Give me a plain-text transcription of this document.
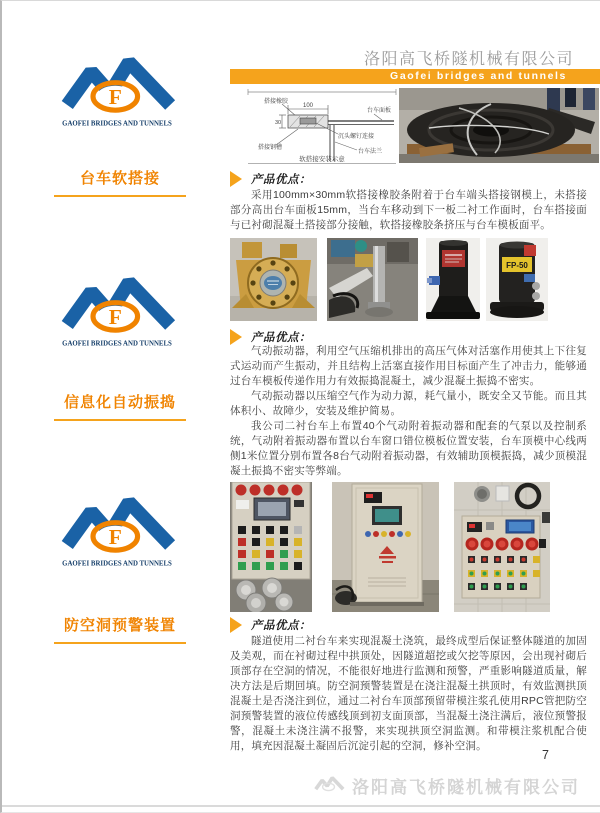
洛阳高飞桥隧机械有限公司
Gaofei bridges and tunnels
F
GAOFEI BRIDGES AND TUNNELS
台车软搭接
F
GAOFEI BRIDGES AND TUNNELS
信息化自动振捣
F
GAOFEI BRIDGES AND TUNNELS
防空洞预警装置
搭接橡胶
100
30
台车面板
沉头螺钉连接
搭接钢槽
台车法兰
软搭接安装示意
产品优点：

采用100mm×30mm软搭接橡胶条附着于台车端头搭接钢模上，未搭接部分高出台车面板15mm，当台车移动到下一板二衬工作面时，台车搭接面与已衬砌混凝土搭接部分接触，软搭接橡胶条挤压与台车模板面平。

FP-50
产品优点：

气动振动器，利用空气压缩机排出的高压气体对活塞作用使其上下往复式运动而产生振动，并且结构上活塞直接作用目标面产生了冲击力，能够通过台车模板传递作用力有效振捣混凝土，减少混凝土振捣不密实。

气动振动器以压缩空气作为动力源，耗气量小，既安全又节能。而且其体积小、故障少，安装及维护简易。

我公司二衬台车上布置40个气动附着振动器和配套的气泵以及控制系统，气动附着振动器布置以台车窗口错位模板位置安装，台车顶模中心线两侧1米位置分别布置各8台气动附着振动器，有效辅助顶模振捣，减少顶模混凝土振捣不密实等弊端。

产品优点：

隧道使用二衬台车来实现混凝土浇筑，最终成型后保证整体隧道的加固及美观，而在衬砌过程中拱顶处，因隧道超挖或欠挖等原因，会出现衬砌后顶部存在空洞的情况，不能很好地进行监测和预警，严重影响隧道质量，解决方法是后期回填。防空洞预警装置是在浇注混凝土拱顶时，有效监测拱顶混凝土是否浇注到位，通过二衬台车顶部预留带模注浆孔使用RPC管把防空洞预警装置的液位传感线顶到初支面顶部，当混凝土浇注满后，液位预警报警，混凝土未浇注满不报警，来实现拱顶空洞监测。和带模注浆机配合使用，填充因混凝土凝固后沉淀引起的空洞，修补空洞。

7
洛阳高飞桥隧机械有限公司
